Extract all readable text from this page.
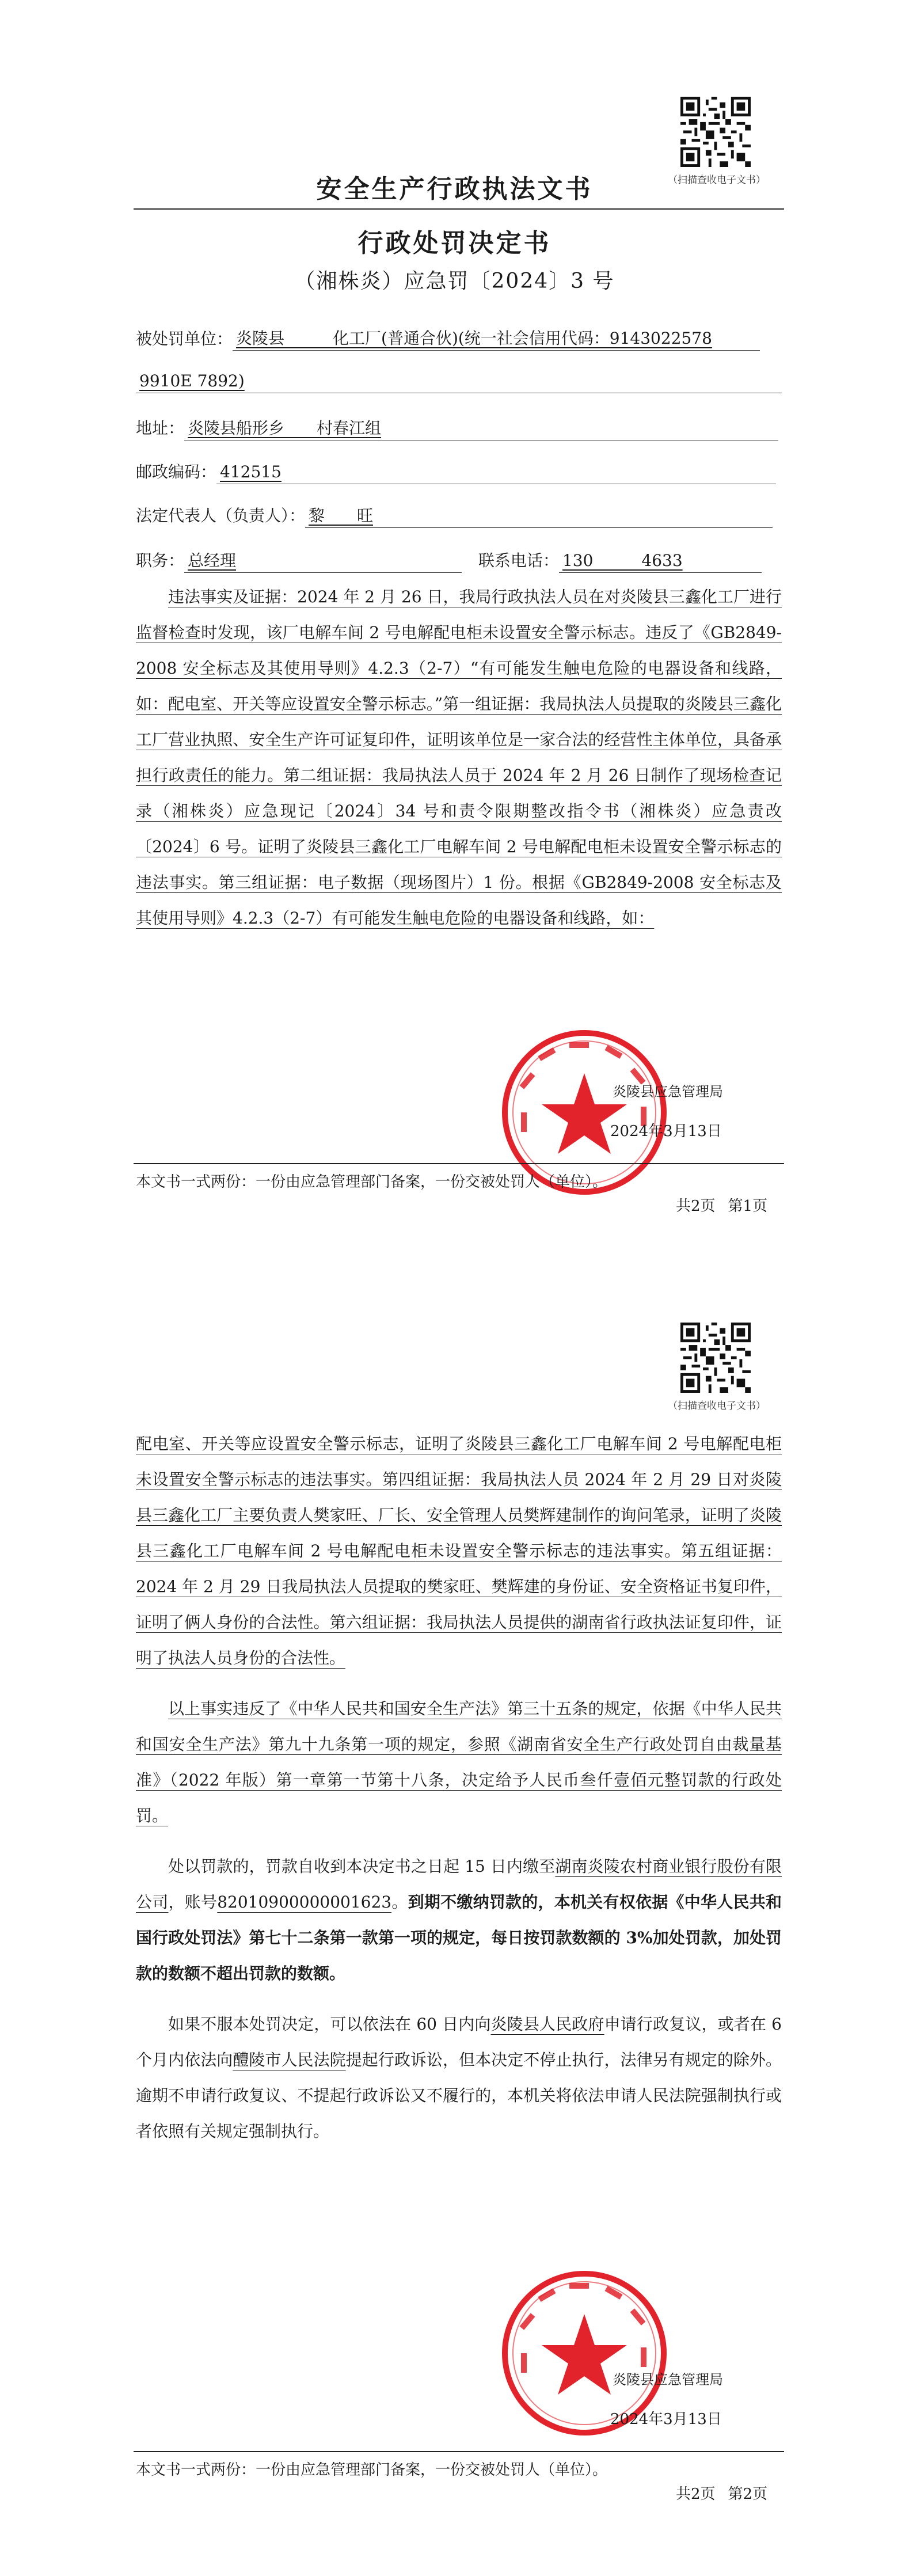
（扫描查收电子文书）
安全生产行政执法文书
行政处罚决定书
（湘株炎）应急罚〔2024〕3 号
被处罚单位： 炎陵县　　　化工厂(普通合伙)(统一社会信用代码：9143022578
9910E 7892)
地址： 炎陵县船形乡　　村春江组
邮政编码： 412515
法定代表人（负责人）： 黎　　旺
职务： 总经理	联系电话： 130　　　4633

违法事实及证据：2024 年 2 月 26 日，我局行政执法人员在对炎陵县三鑫化工厂进行监督检查时发现，该厂电解车间 2 号电解配电柜未设置安全警示标志。违反了《GB2849-2008 安全标志及其使用导则》4.2.3（2-7）“有可能发生触电危险的电器设备和线路，如：配电室、开关等应设置安全警示标志。”第一组证据：我局执法人员提取的炎陵县三鑫化工厂营业执照、安全生产许可证复印件，证明该单位是一家合法的经营性主体单位，具备承担行政责任的能力。第二组证据：我局执法人员于 2024 年 2 月 26 日制作了现场检查记录（湘株炎）应急现记〔2024〕34 号和责令限期整改指令书（湘株炎）应急责改〔2024〕6 号。证明了炎陵县三鑫化工厂电解车间 2 号电解配电柜未设置安全警示标志的违法事实。第三组证据：电子数据（现场图片）1 份。根据《GB2849-2008 安全标志及其使用导则》4.2.3（2-7）有可能发生触电危险的电器设备和线路，如：

炎陵县应急管理局
2024年3月13日
本文书一式两份：一份由应急管理部门备案，一份交被处罚人（单位）。
共2页 第1页
（扫描查收电子文书）

配电室、开关等应设置安全警示标志，证明了炎陵县三鑫化工厂电解车间 2 号电解配电柜未设置安全警示标志的违法事实。第四组证据：我局执法人员 2024 年 2 月 29 日对炎陵县三鑫化工厂主要负责人樊家旺、厂长、安全管理人员樊辉建制作的询问笔录，证明了炎陵县三鑫化工厂电解车间 2 号电解配电柜未设置安全警示标志的违法事实。第五组证据：2024 年 2 月 29 日我局执法人员提取的樊家旺、樊辉建的身份证、安全资格证书复印件，证明了俩人身份的合法性。第六组证据：我局执法人员提供的湖南省行政执法证复印件，证明了执法人员身份的合法性。

以上事实违反了《中华人民共和国安全生产法》第三十五条的规定，依据《中华人民共和国安全生产法》第九十九条第一项的规定，参照《湖南省安全生产行政处罚自由裁量基准》（2022 年版）第一章第一节第十八条，决定给予人民币叁仟壹佰元整罚款的行政处罚。

处以罚款的，罚款自收到本决定书之日起 15 日内缴至湖南炎陵农村商业银行股份有限公司，账号82010900000001623。到期不缴纳罚款的，本机关有权依据《中华人民共和国行政处罚法》第七十二条第一款第一项的规定，每日按罚款数额的 3%加处罚款，加处罚款的数额不超出罚款的数额。

如果不服本处罚决定，可以依法在 60 日内向炎陵县人民政府申请行政复议，或者在 6 个月内依法向醴陵市人民法院提起行政诉讼，但本决定不停止执行，法律另有规定的除外。逾期不申请行政复议、不提起行政诉讼又不履行的，本机关将依法申请人民法院强制执行或者依照有关规定强制执行。

炎陵县应急管理局
2024年3月13日
本文书一式两份：一份由应急管理部门备案，一份交被处罚人（单位）。
共2页 第2页
